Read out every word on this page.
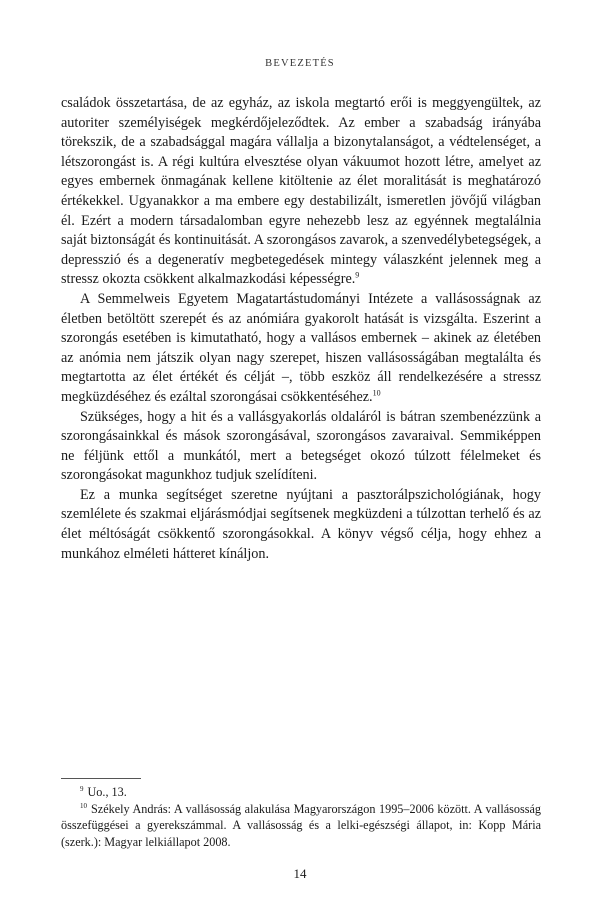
BEVEZETÉS

családok összetartása, de az egyház, az iskola megtartó erői is meggyengültek, az autoriter személyiségek megkérdőjeleződtek. Az ember a szabadság irányába törekszik, de a szabadsággal magára vállalja a bizonytalanságot, a védtelenséget, a létszorongást is. A régi kultúra elvesztése olyan vákuumot hozott létre, amelyet az egyes embernek önmagának kellene kitöltenie az élet moralitását is meghatározó értékekkel. Ugyanakkor a ma embere egy destabilizált, ismeretlen jövőjű világban él. Ezért a modern társadalomban egyre nehezebb lesz az egyénnek megtalálnia saját biztonságát és kontinuitását. A szorongásos zavarok, a szenvedélybetegségek, a depresszió és a degeneratív megbetegedések mintegy válaszként jelennek meg a stressz okozta csökkent alkalmazkodási képességre.$^9$

A Semmelweis Egyetem Magatartástudományi Intézete a vallásosságnak az életben betöltött szerepét és az anómiára gyakorolt hatását is vizsgálta. Eszerint a szorongás esetében is kimutatható, hogy a vallásos embernek – akinek az életében az anómia nem játszik olyan nagy szerepet, hiszen vallásosságában megtalálta és megtartotta az élet értékét és célját –, több eszköz áll rendelkezésére a stressz megküzdéséhez és ezáltal szorongásai csökkentéséhez.$^{10}$

Szükséges, hogy a hit és a vallásgyakorlás oldaláról is bátran szembenézzünk a szorongásainkkal és mások szorongásával, szorongásos zavaraival. Semmiképpen ne féljünk ettől a munkától, mert a betegséget okozó túlzott félelmeket és szorongásokat magunkhoz tudjuk szelídíteni.

Ez a munka segítséget szeretne nyújtani a pasztorálpszichológiának, hogy szemlélete és szakmai eljárásmódjai segítsenek megküzdeni a túlzottan terhelő és az élet méltóságát csökkentő szorongásokkal. A könyv végső célja, hogy ehhez a munkához elméleti hátteret kínáljon.

$^9$ Uo., 13.

$^{10}$ Székely András: A vallásosság alakulása Magyarországon 1995–2006 között. A vallásosság összefüggései a gyerekszámmal. A vallásosság és a lelki-egészségi állapot, in: Kopp Mária (szerk.): Magyar lelkiállapot 2008.

14
